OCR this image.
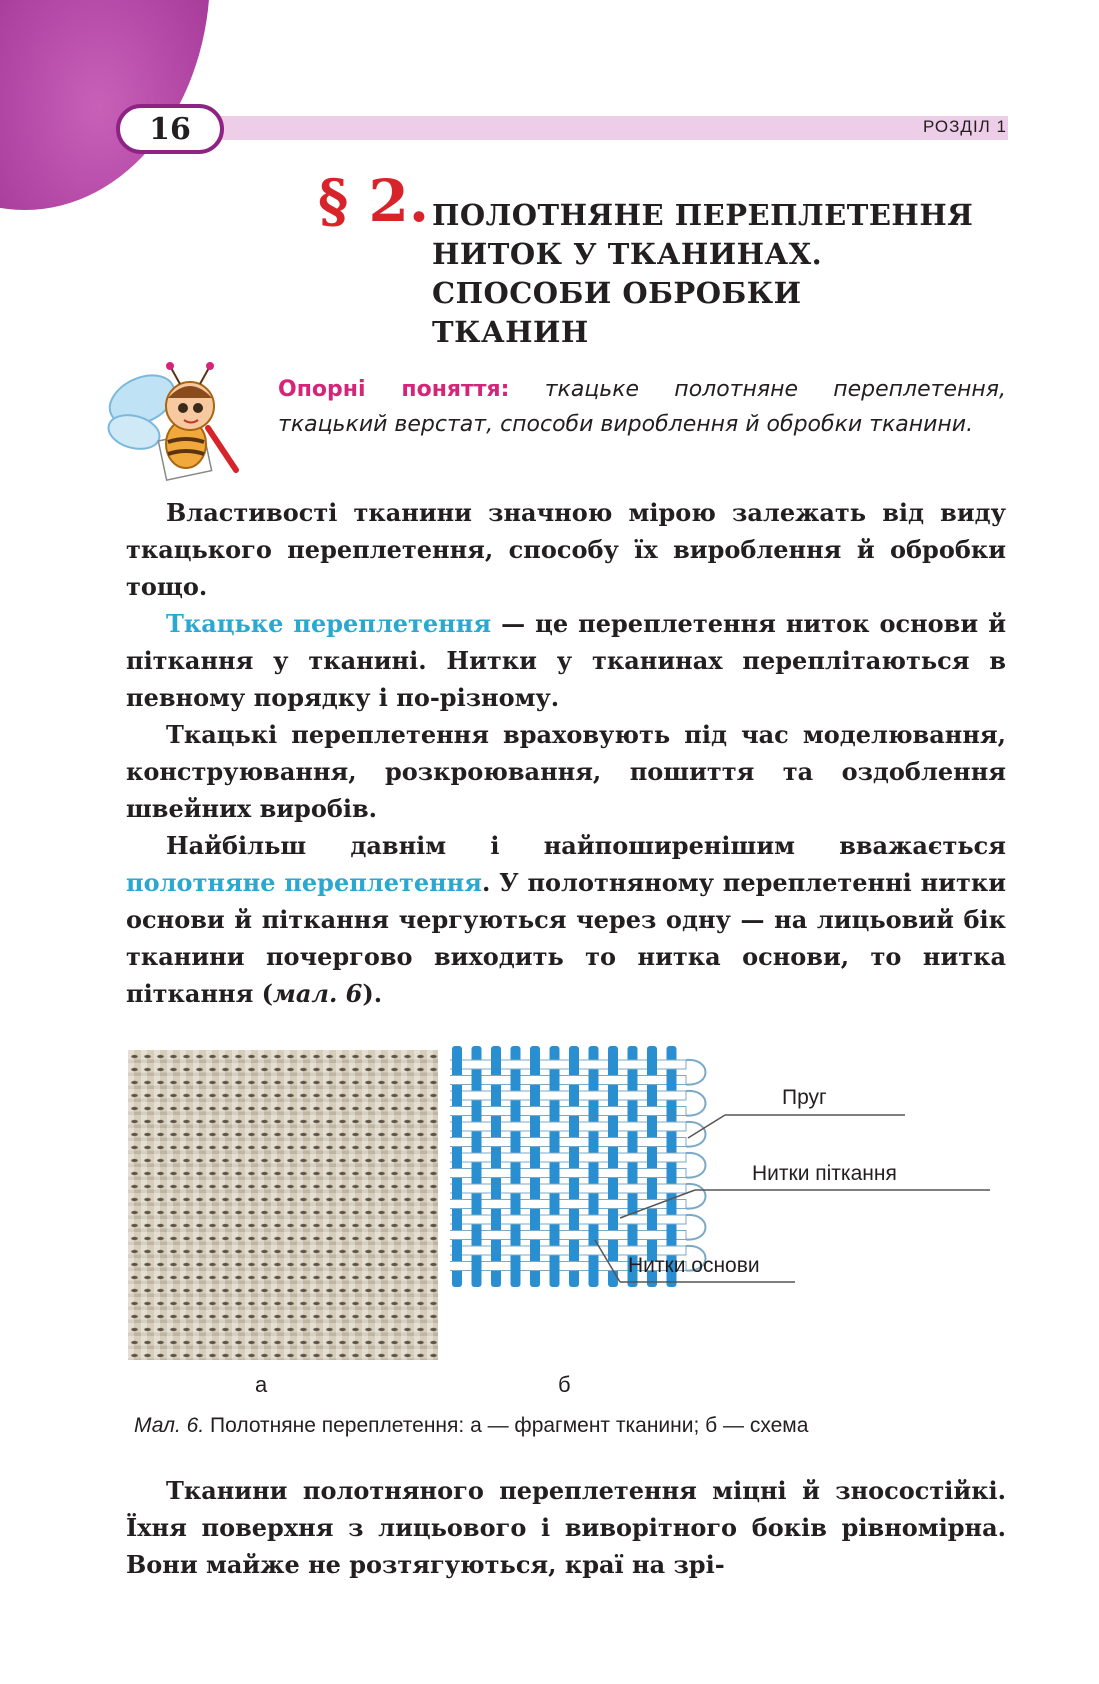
16	РОЗДІЛ 1
§ 2. ПОЛОТНЯНЕ ПЕРЕПЛЕТЕННЯ
НИТОК У ТКАНИНАХ.
СПОСОБИ ОБРОБКИ
ТКАНИН
Опорні поняття: ткацьке полотняне переплетення, ткацький верстат, способи вироблення й обробки тканини.

Властивості тканини значною мірою залежать від виду ткацького переплетення, способу їх вироблення й обробки тощо.

Ткацьке переплетення — це переплетення ниток основи й піткання у тканині. Нитки у тканинах переплітаються в певному порядку і по-різному.

Ткацькі переплетення враховують під час моделювання, конструювання, розкроювання, пошиття та оздоблення швейних виробів.

Найбільш давнім і найпоширенішим вважається полотняне переплетення. У полотняному переплетенні нитки основи й піткання чергуються через одну — на лицьовий бік тканини почергово виходить то нитка основи, то нитка піткання (мал. 6).

Пруг
Нитки піткання
Нитки основи
а	б
Мал. 6. Полотняне переплетення: а — фрагмент тканини; б — схема

Тканини полотняного переплетення міцні й зносостійкі. Їхня поверхня з лицьового і виворітного боків рівномірна. Вони майже не розтягуються, краї на зрі-
